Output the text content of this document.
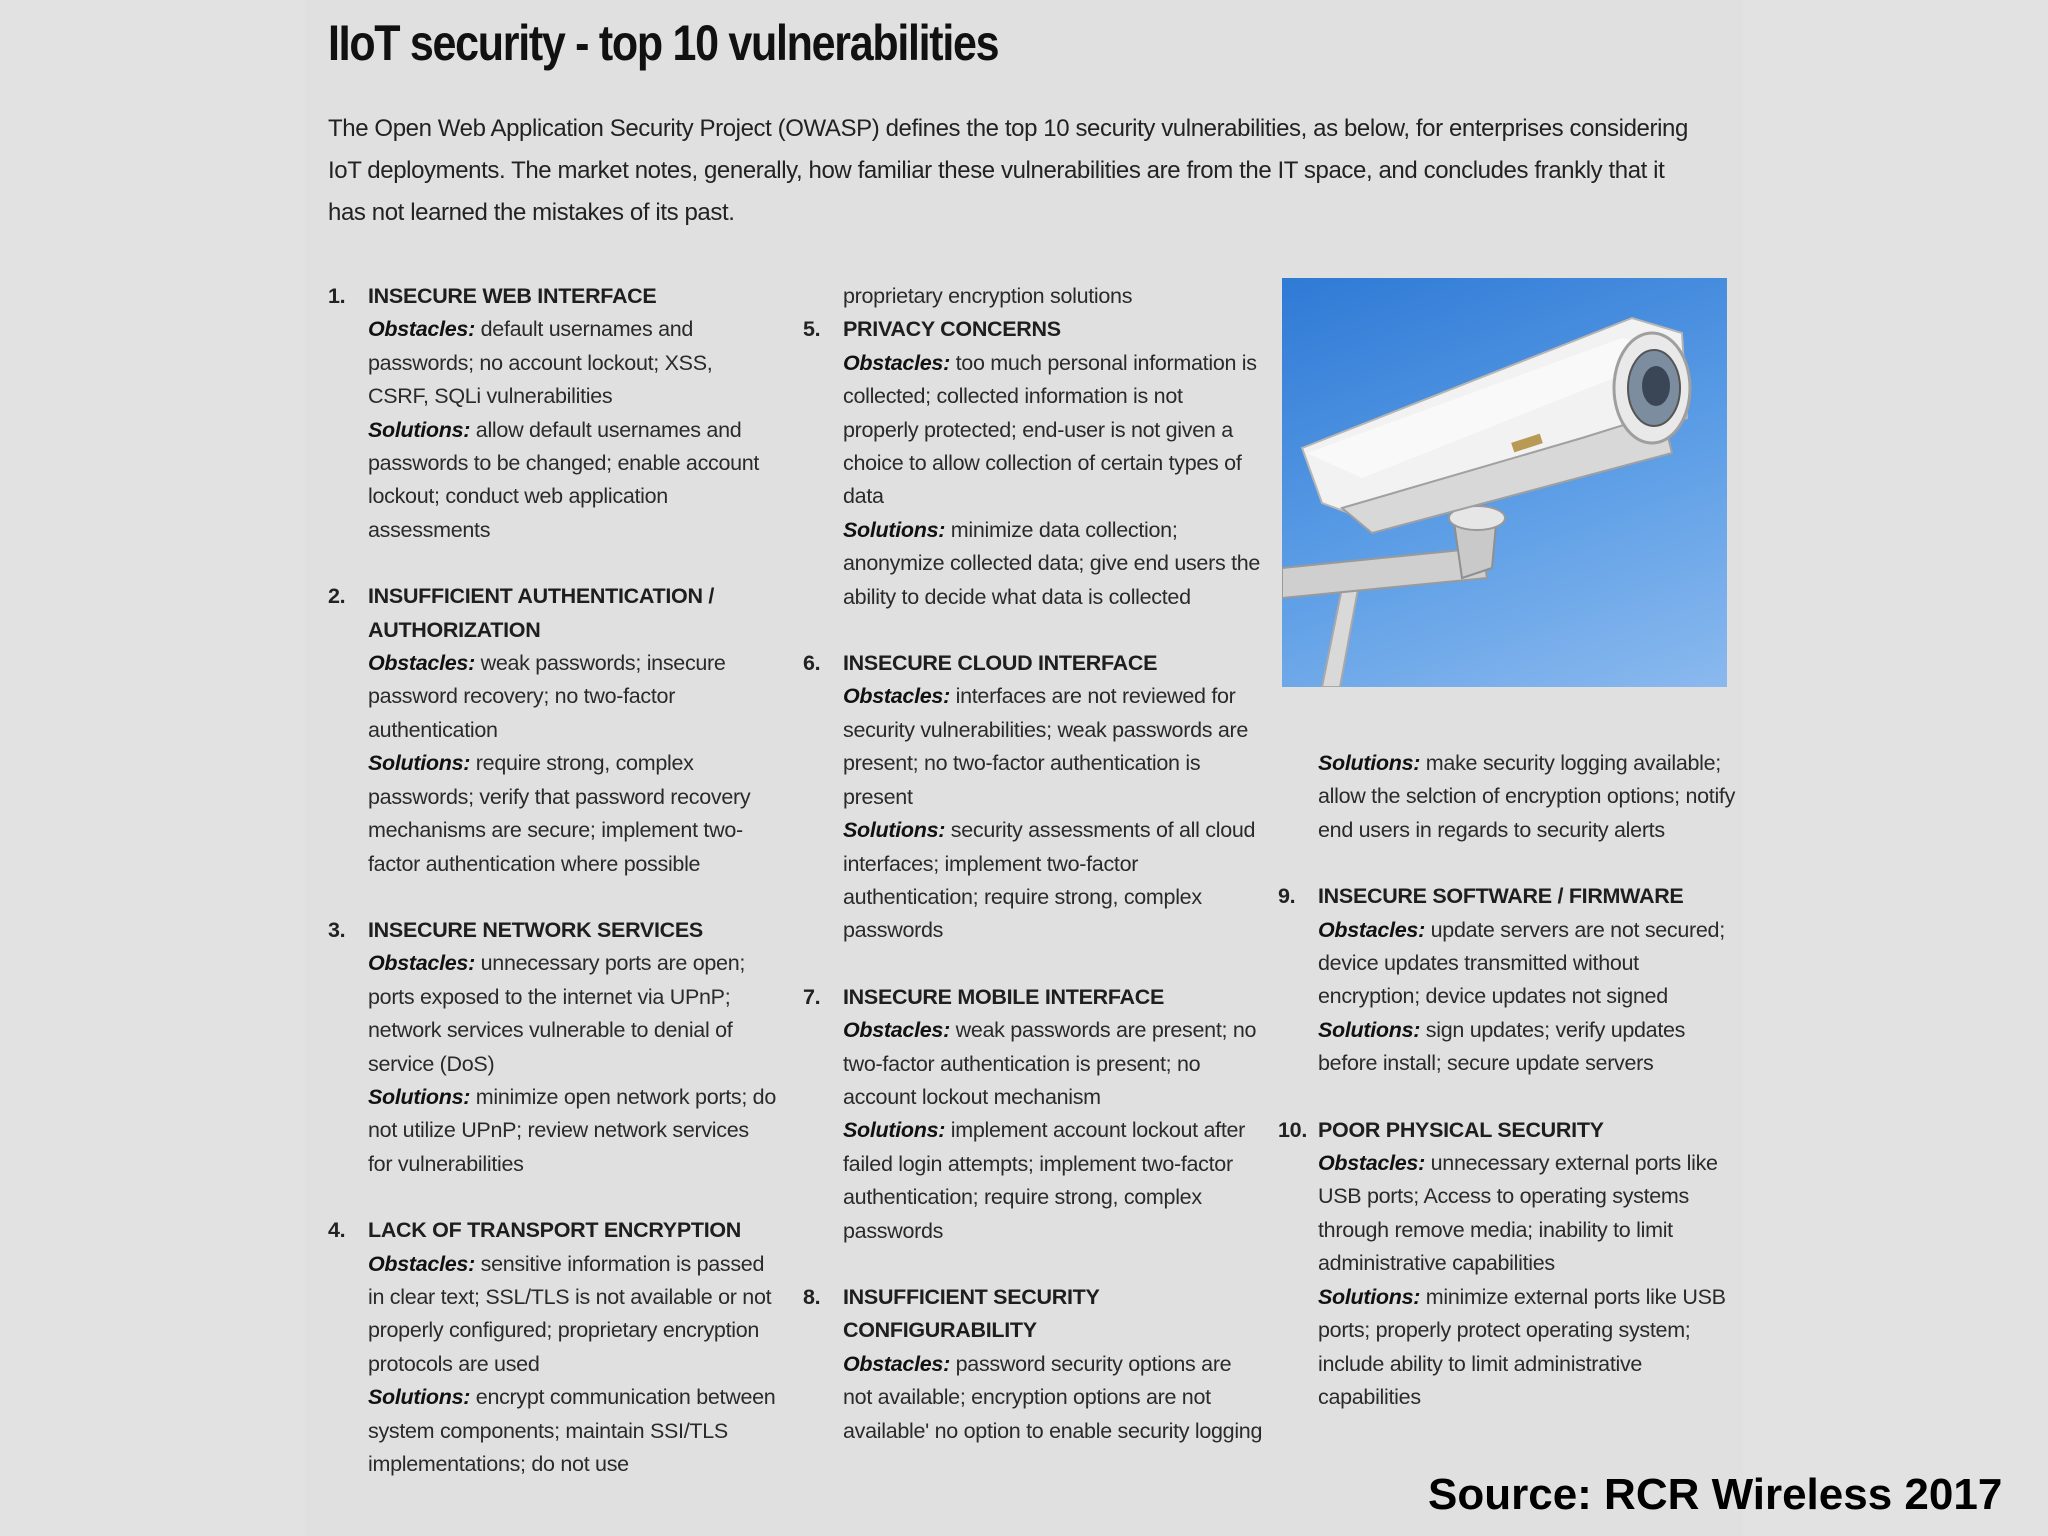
IIoT security - top 10 vulnerabilities
The Open Web Application Security Project (OWASP) defines the top 10 security vulnerabilities, as below, for enterprises considering IoT deployments. The market notes, generally, how familiar these vulnerabilities are from the IT space, and concludes frankly that it has not learned the mistakes of its past.
1. INSECURE WEB INTERFACE
Obstacles: default usernames and passwords; no account lockout; XSS, CSRF, SQLi vulnerabilities
Solutions: allow default usernames and passwords to be changed; enable account lockout; conduct web application assessments
2. INSUFFICIENT AUTHENTICATION / AUTHORIZATION
Obstacles: weak passwords; insecure password recovery; no two-factor authentication
Solutions: require strong, complex passwords; verify that password recovery mechanisms are secure; implement two-factor authentication where possible
3. INSECURE NETWORK SERVICES
Obstacles: unnecessary ports are open; ports exposed to the internet via UPnP; network services vulnerable to denial of service (DoS)
Solutions: minimize open network ports; do not utilize UPnP; review network services for vulnerabilities
4. LACK OF TRANSPORT ENCRYPTION
Obstacles: sensitive information is passed in clear text; SSL/TLS is not available or not properly configured; proprietary encryption protocols are used
Solutions: encrypt communication between system components; maintain SSI/TLS implementations; do not use
proprietary encryption solutions
5. PRIVACY CONCERNS
Obstacles: too much personal information is collected; collected information is not properly protected; end-user is not given a choice to allow collection of certain types of data
Solutions: minimize data collection; anonymize collected data; give end users the ability to decide what data is collected
6. INSECURE CLOUD INTERFACE
Obstacles: interfaces are not reviewed for security vulnerabilities; weak passwords are present; no two-factor authentication is present
Solutions: security assessments of all cloud interfaces; implement two-factor authentication; require strong, complex passwords
7. INSECURE MOBILE INTERFACE
Obstacles: weak passwords are present; no two-factor authentication is present; no account lockout mechanism
Solutions: implement account lockout after failed login attempts; implement two-factor authentication; require strong, complex passwords
8. INSUFFICIENT SECURITY CONFIGURABILITY
Obstacles: password security options are not available; encryption options are not available' no option to enable security logging
Solutions: make security logging available; allow the selction of encryption options; notify end users in regards to security alerts
9. INSECURE SOFTWARE / FIRMWARE
Obstacles: update servers are not secured; device updates transmitted without encryption; device updates not signed
Solutions: sign updates; verify updates before install; secure update servers
10. POOR PHYSICAL SECURITY
Obstacles: unnecessary external ports like USB ports; Access to operating systems through remove media; inability to limit administrative capabilities
Solutions: minimize external ports like USB ports; properly protect operating system; include ability to limit administrative capabilities
Source: RCR Wireless 2017
